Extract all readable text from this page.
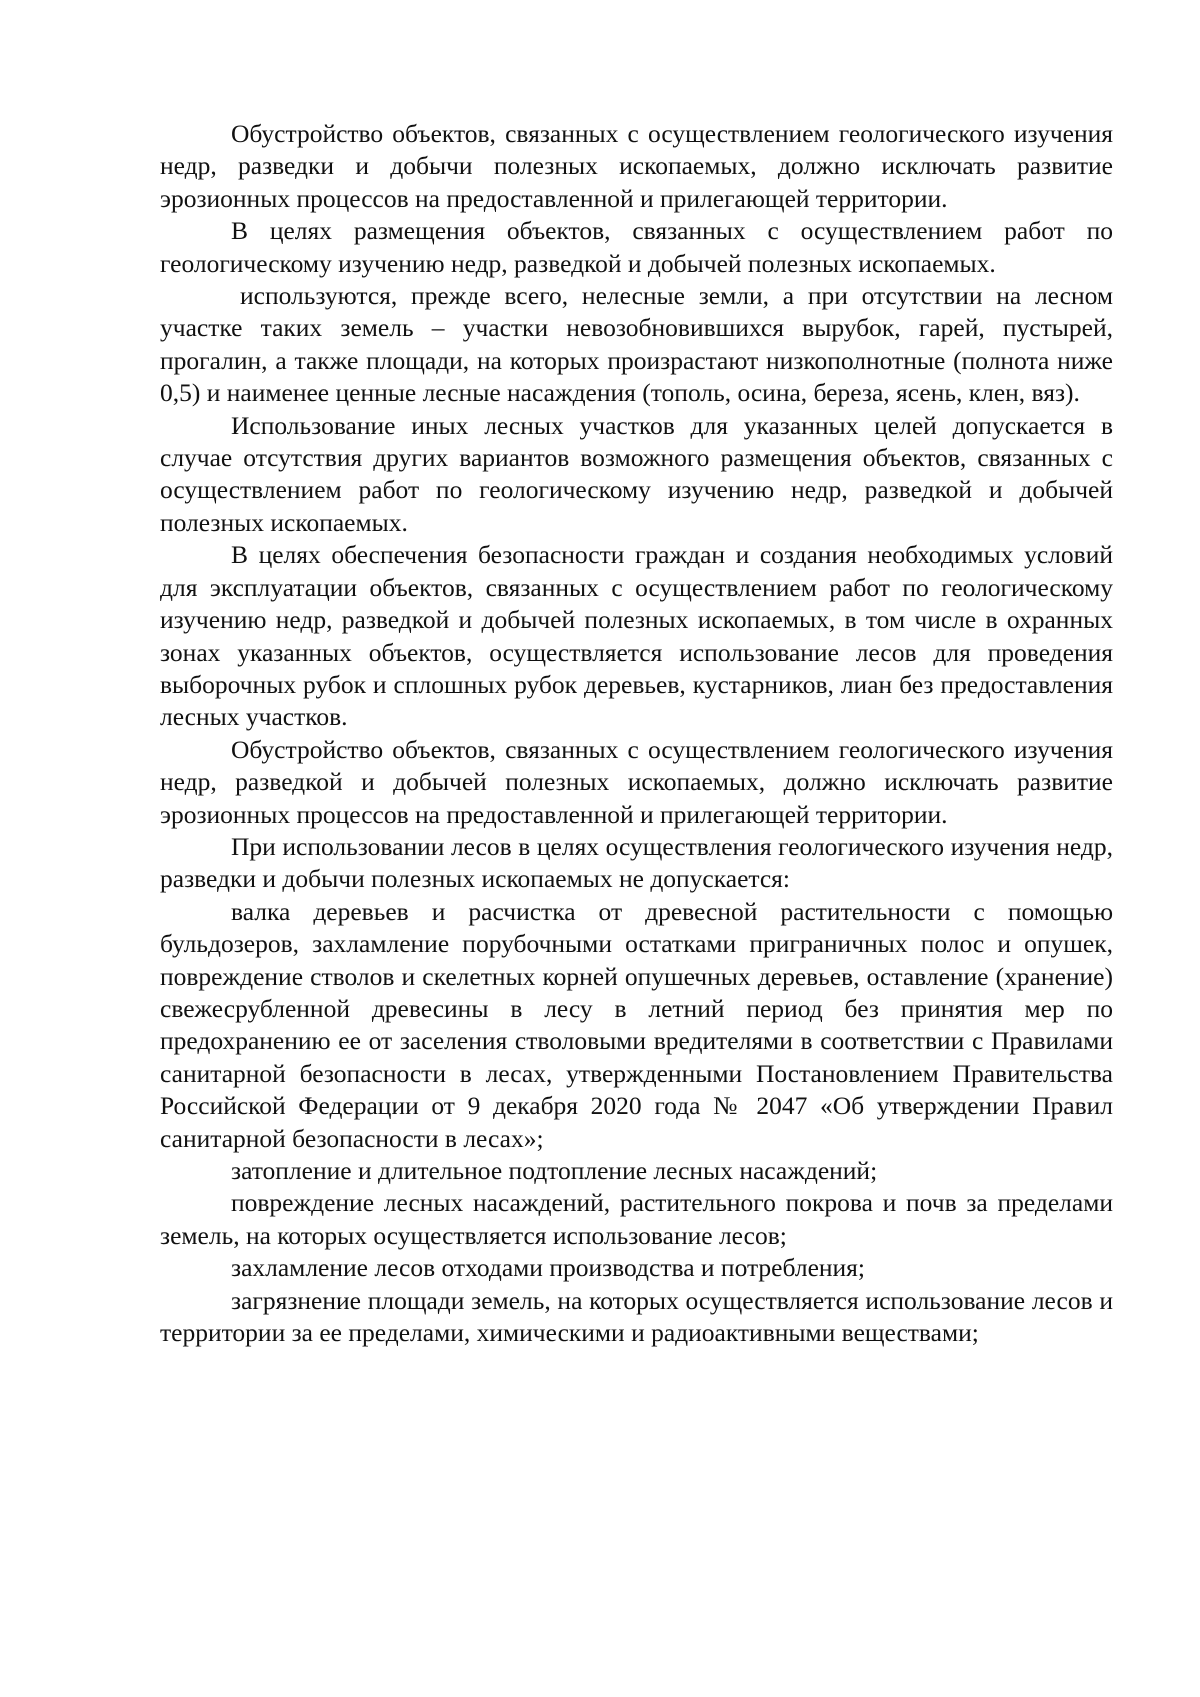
Обустройство объектов, связанных с осуществлением геологического изучения недр, разведки и добычи полезных ископаемых, должно исключать развитие эрозионных процессов на предоставленной и прилегающей территории.

В целях размещения объектов, связанных с осуществлением работ по геологическому изучению недр, разведкой и добычей полезных ископаемых.

используются, прежде всего, нелесные земли, а при отсутствии на лесном участке таких земель – участки невозобновившихся вырубок, гарей, пустырей, прогалин, а также площади, на которых произрастают низкополнотные (полнота ниже 0,5) и наименее ценные лесные насаждения (тополь, осина, береза, ясень, клен, вяз).

Использование иных лесных участков для указанных целей допускается в случае отсутствия других вариантов возможного размещения объектов, связанных с осуществлением работ по геологическому изучению недр, разведкой и добычей полезных ископаемых.

В целях обеспечения безопасности граждан и создания необходимых условий для эксплуатации объектов, связанных с осуществлением работ по геологическому изучению недр, разведкой и добычей полезных ископаемых, в том числе в охранных зонах указанных объектов, осуществляется использование лесов для проведения выборочных рубок и сплошных рубок деревьев, кустарников, лиан без предоставления лесных участков.

Обустройство объектов, связанных с осуществлением геологического изучения недр, разведкой и добычей полезных ископаемых, должно исключать развитие эрозионных процессов на предоставленной и прилегающей территории.

При использовании лесов в целях осуществления геологического изучения недр, разведки и добычи полезных ископаемых не допускается:

валка деревьев и расчистка от древесной растительности с помощью бульдозеров, захламление порубочными остатками приграничных полос и опушек, повреждение стволов и скелетных корней опушечных деревьев, оставление (хранение) свежесрубленной древесины в лесу в летний период без принятия мер по предохранению ее от заселения стволовыми вредителями в соответствии с Правилами санитарной безопасности в лесах, утвержденными Постановлением Правительства Российской Федерации от 9 декабря 2020 года № 2047 «Об утверждении Правил санитарной безопасности в лесах»;

затопление и длительное подтопление лесных насаждений;

повреждение лесных насаждений, растительного покрова и почв за пределами земель, на которых осуществляется использование лесов;

захламление лесов отходами производства и потребления;

загрязнение площади земель, на которых осуществляется использование лесов и территории за ее пределами, химическими и радиоактивными веществами;
